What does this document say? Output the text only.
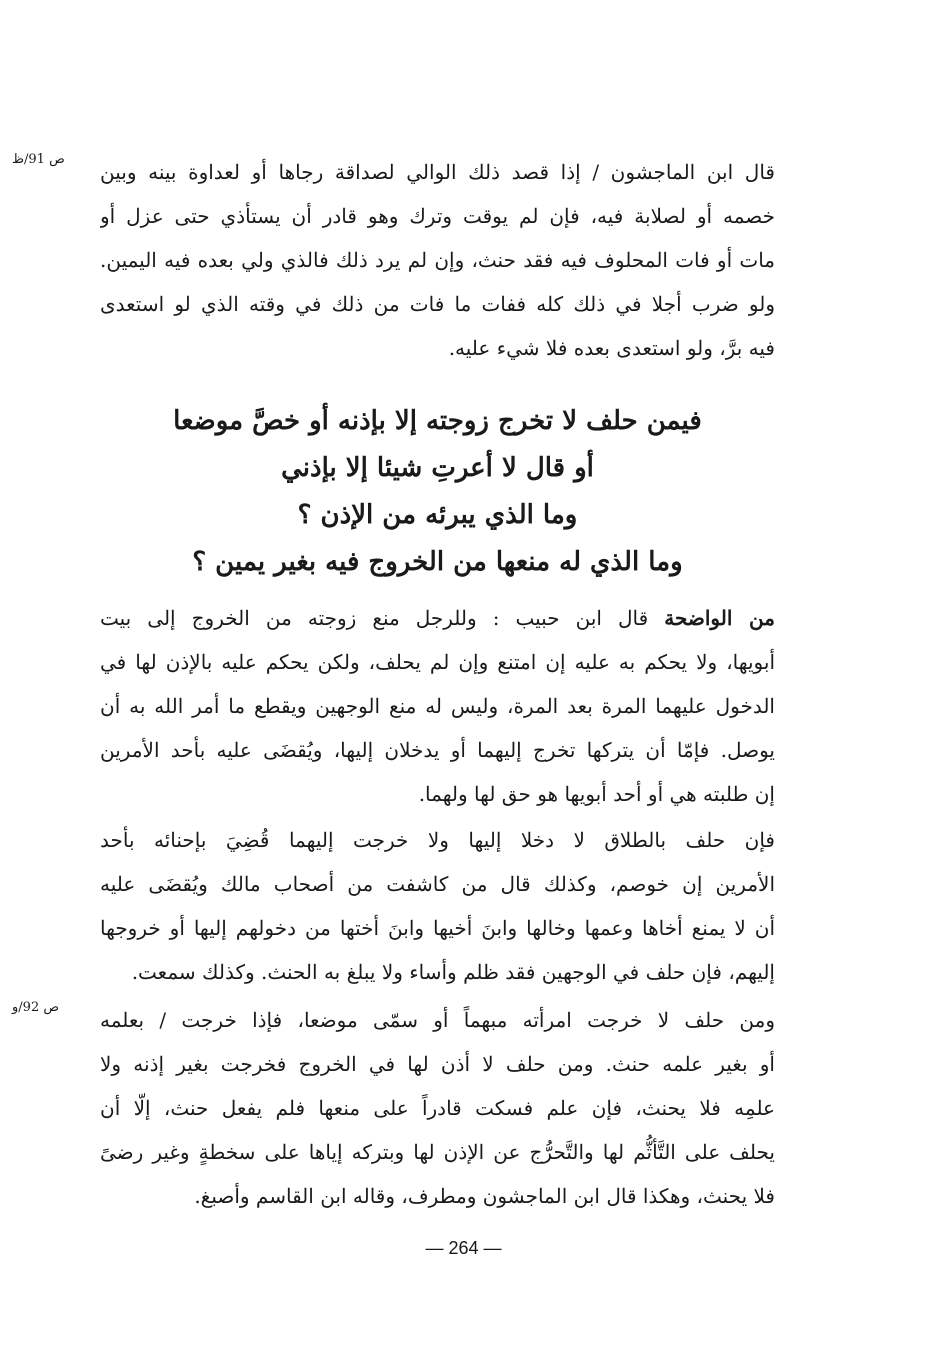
ص 91/ظ
قال ابن الماجشون / إذا قصد ذلك الوالي لصداقة رجاها أو لعداوة بينه وبين
خصمه أو لصلابة فيه، فإن لم يوقت وترك وهو قادر أن يستأذي حتى عزل أو
مات أو فات المحلوف فيه فقد حنث، وإن لم يرد ذلك فالذي ولي بعده فيه اليمين.
ولو ضرب أجلا في ذلك كله ففات ما فات من ذلك في وقته الذي لو استعدى
فيه برَّ، ولو استعدى بعده فلا شيء عليه.
فيمن حلف لا تخرج زوجته إلا بإذنه أو خصَّ موضعا
أو قال لا أعرتِ شيئا إلا بإذني
وما الذي يبرئه من الإذن ؟
وما الذي له منعها من الخروج فيه بغير يمين ؟
من الواضحة قال ابن حبيب : وللرجل منع زوجته من الخروج إلى بيت
أبويها، ولا يحكم به عليه إن امتنع وإن لم يحلف، ولكن يحكم عليه بالإذن لها في
الدخول عليهما المرة بعد المرة، وليس له منع الوجهين ويقطع ما أمر الله به أن
يوصل. فإمّا أن يتركها تخرج إليهما أو يدخلان إليها، ويُقضَى عليه بأحد الأمرين
إن طلبته هي أو أحد أبويها هو حق لها ولهما.
فإن حلف بالطلاق لا دخلا إليها ولا خرجت إليهما قُضِيَ بإحنائه بأحد
الأمرين إن خوصم، وكذلك قال من كاشفت من أصحاب مالك ويُقضَى عليه
أن لا يمنع أخاها وعمها وخالها وابنَ أخيها وابنَ أختها من دخولهم إليها أو خروجها
إليهم، فإن حلف في الوجهين فقد ظلم وأساء ولا يبلغ به الحنث. وكذلك سمعت.
ص 92/و
ومن حلف لا خرجت امرأته مبهماً أو سمّى موضعا، فإذا خرجت / بعلمه
أو بغير علمه حنث. ومن حلف لا أذن لها في الخروج فخرجت بغير إذنه ولا
علمِه فلا يحنث، فإن علم فسكت قادراً على منعها فلم يفعل حنث، إلّا أن
يحلف على التَّأثُّم لها والتَّحرُّج عن الإذن لها وبتركه إياها على سخطةٍ وغير رضىً
فلا يحنث، وهكذا قال ابن الماجشون ومطرف، وقاله ابن القاسم وأصبغ.
— 264 —
